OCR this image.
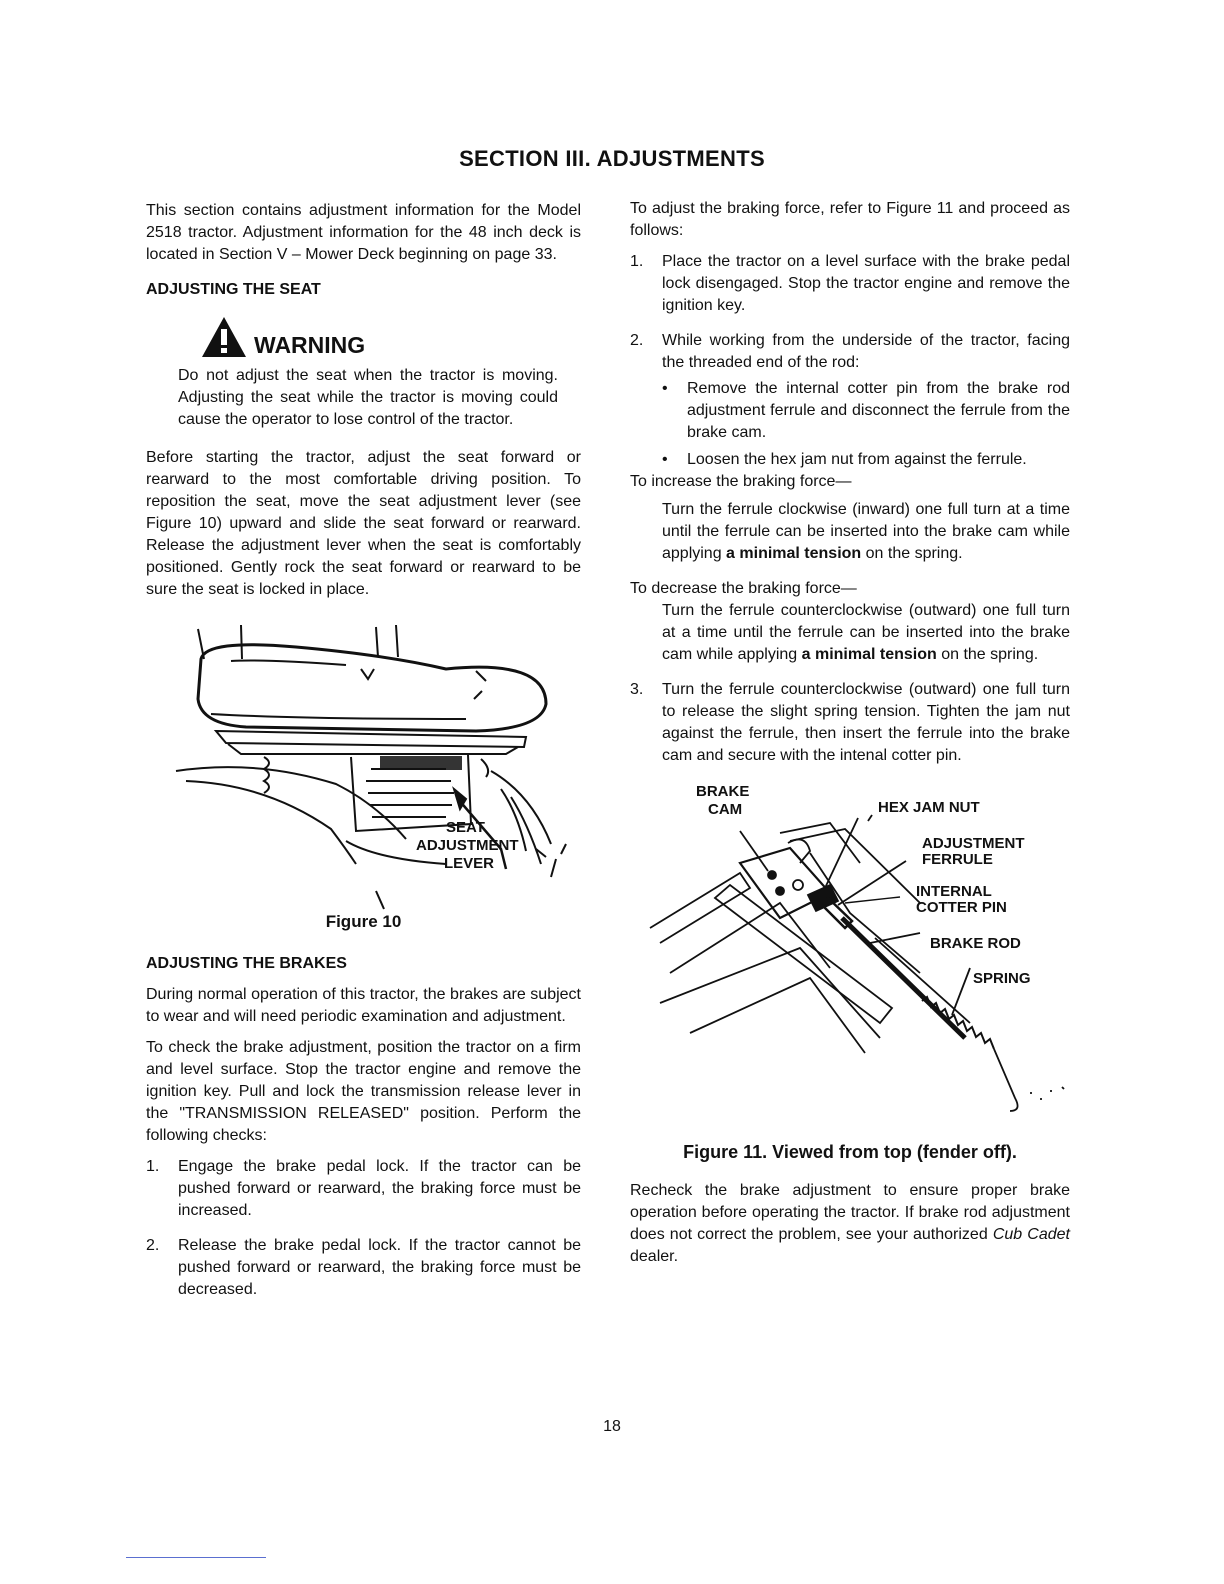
SECTION III. ADJUSTMENTS

This section contains adjustment information for the Model 2518 tractor. Adjustment information for the 48 inch deck is located in Section V – Mower Deck beginning on page 33.

ADJUSTING THE SEAT

WARNING

Do not adjust the seat when the tractor is moving. Adjusting the seat while the tractor is moving could cause the operator to lose control of the tractor.

Before starting the tractor, adjust the seat forward or rearward to the most comfortable driving position. To reposition the seat, move the seat adjustment lever (see Figure 10) upward and slide the seat forward or rearward. Release the adjustment lever when the seat is comfortably positioned. Gently rock the seat forward or rearward to be sure the seat is locked in place.

SEAT
ADJUSTMENT
LEVER
Figure 10

ADJUSTING THE BRAKES

During normal operation of this tractor, the brakes are subject to wear and will need periodic examination and adjustment.

To check the brake adjustment, position the tractor on a firm and level surface. Stop the tractor engine and remove the ignition key. Pull and lock the transmission release lever in the "TRANSMISSION RELEASED" position. Perform the following checks:

1. Engage the brake pedal lock. If the tractor can be pushed forward or rearward, the braking force must be increased.
2. Release the brake pedal lock. If the tractor cannot be pushed forward or rearward, the braking force must be decreased.

To adjust the braking force, refer to Figure 11 and proceed as follows:

1. Place the tractor on a level surface with the brake pedal lock disengaged. Stop the tractor engine and remove the ignition key.
2. While working from the underside of the tractor, facing the threaded end of the rod:
• Remove the internal cotter pin from the brake rod adjustment ferrule and disconnect the ferrule from the brake cam.
• Loosen the hex jam nut from against the ferrule.

To increase the braking force—

Turn the ferrule clockwise (inward) one full turn at a time until the ferrule can be inserted into the brake cam while applying a minimal tension on the spring.

To decrease the braking force—

Turn the ferrule counterclockwise (outward) one full turn at a time until the ferrule can be inserted into the brake cam while applying a minimal tension on the spring.

3. Turn the ferrule counterclockwise (outward) one full turn to release the slight spring tension. Tighten the jam nut against the ferrule, then insert the ferrule into the brake cam and secure with the intenal cotter pin.
BRAKE
CAM	HEX JAM NUT
ADJUSTMENT
FERRULE
INTERNAL
COTTER PIN
BRAKE ROD
SPRING
Figure 11. Viewed from top (fender off).

Recheck the brake adjustment to ensure proper brake operation before operating the tractor. If brake rod adjustment does not correct the problem, see your authorized Cub Cadet dealer.

18
